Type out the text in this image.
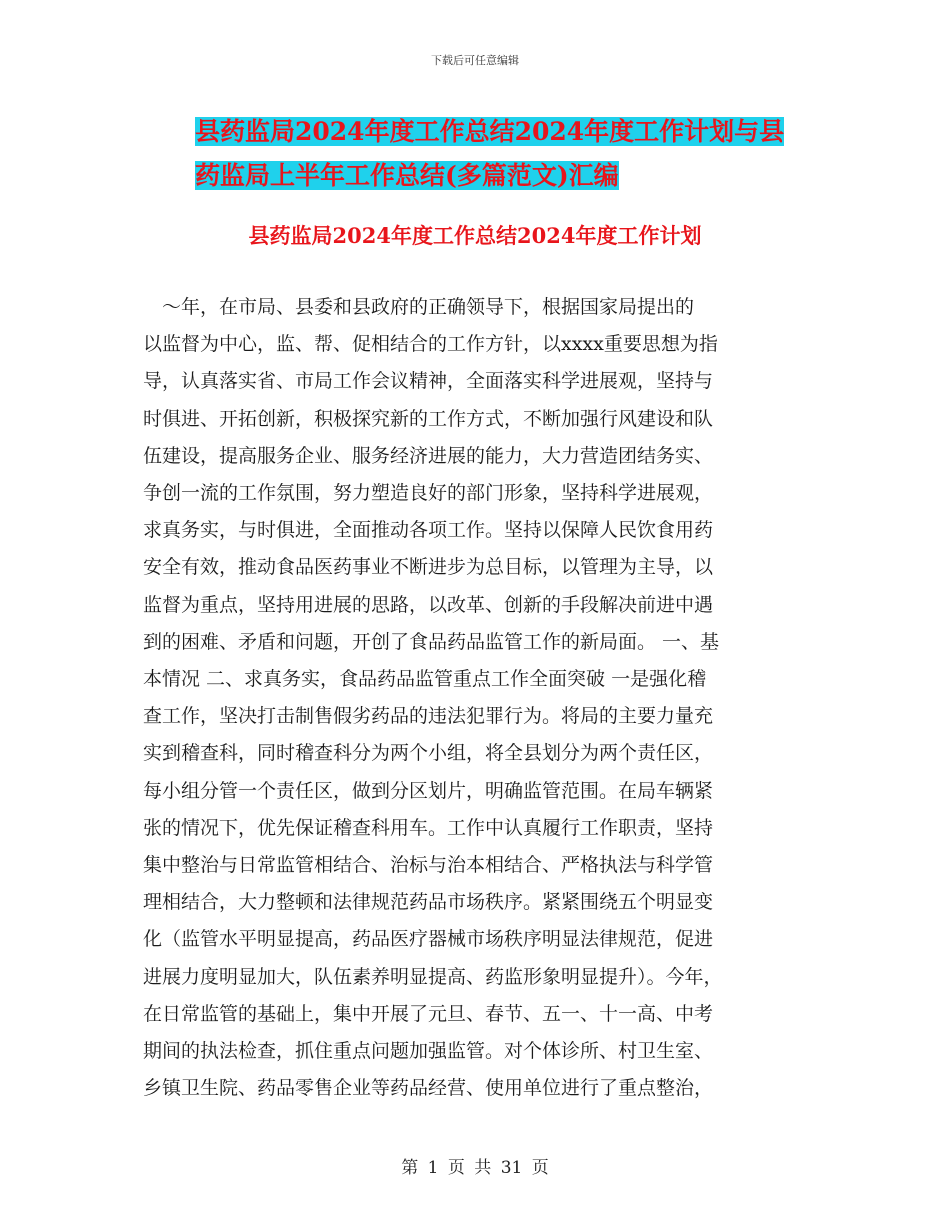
下载后可任意编辑
县药监局2024年度工作总结2024年度工作计划与县
药监局上半年工作总结(多篇范文)汇编
县药监局2024年度工作总结2024年度工作计划
　～年，在市局、县委和县政府的正确领导下，根据国家局提出的
以监督为中心，监、帮、促相结合的工作方针，以xxxx重要思想为指
导，认真落实省、市局工作会议精神，全面落实科学进展观，坚持与
时俱进、开拓创新，积极探究新的工作方式，不断加强行风建设和队
伍建设，提高服务企业、服务经济进展的能力，大力营造团结务实、
争创一流的工作氛围，努力塑造良好的部门形象，坚持科学进展观，
求真务实，与时俱进，全面推动各项工作。坚持以保障人民饮食用药
安全有效，推动食品医药事业不断进步为总目标，以管理为主导，以
监督为重点，坚持用进展的思路，以改革、创新的手段解决前进中遇
到的困难、矛盾和问题，开创了食品药品监管工作的新局面。 一、基
本情况 二、求真务实，食品药品监管重点工作全面突破 一是强化稽
查工作，坚决打击制售假劣药品的违法犯罪行为。将局的主要力量充
实到稽查科，同时稽查科分为两个小组，将全县划分为两个责任区，
每小组分管一个责任区，做到分区划片，明确监管范围。在局车辆紧
张的情况下，优先保证稽查科用车。工作中认真履行工作职责，坚持
集中整治与日常监管相结合、治标与治本相结合、严格执法与科学管
理相结合，大力整顿和法律规范药品市场秩序。紧紧围绕五个明显变
化（监管水平明显提高，药品医疗器械市场秩序明显法律规范，促进
进展力度明显加大，队伍素养明显提高、药监形象明显提升）。今年，
在日常监管的基础上，集中开展了元旦、春节、五一、十一高、中考
期间的执法检查，抓住重点问题加强监管。对个体诊所、村卫生室、
乡镇卫生院、药品零售企业等药品经营、使用单位进行了重点整治，
第 1 页 共 31 页
